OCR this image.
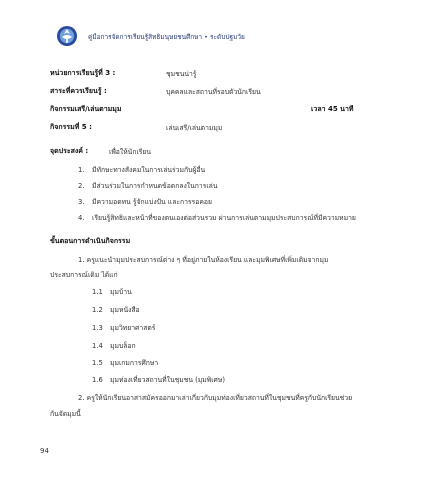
คู่มือการจัดการเรียนรู้สิทธิมนุษยชนศึกษา • ระดับปฐมวัย
หน่วยการเรียนรู้ที่ 3 :	ชุมชนน่ารู้
สาระที่ควรเรียนรู้ :	บุคคลและสถานที่รอบตัวนักเรียน
กิจกรรมเสรี/เล่นตามมุม	เวลา 45 นาที
กิจกรรมที่ 5 :	เล่นเสรี/เล่นตามมุม
จุดประสงค์ :	เพื่อให้นักเรียน
1. มีทักษะทางสังคมในการเล่นร่วมกับผู้อื่น
2. มีส่วนร่วมในการกำหนดข้อตกลงในการเล่น
3. มีความอดทน รู้จักแบ่งปัน และการรอคอย
4. เรียนรู้สิทธิและหน้าที่ของตนเองต่อส่วนรวม ผ่านการเล่นตามมุมประสบการณ์ที่มีความหมาย
ขั้นตอนการดำเนินกิจกรรม
1. ครูแนะนำมุมประสบการณ์ต่าง ๆ ที่อยู่ภายในห้องเรียน และมุมพิเศษที่เพิ่มเติมจากมุม
ประสบการณ์เดิม ได้แก่
1.1 มุมบ้าน
1.2 มุมหนังสือ
1.3 มุมวิทยาศาสตร์
1.4 มุมบล็อก
1.5 มุมเกมการศึกษา
1.6 มุมท่องเที่ยวสถานที่ในชุมชน (มุมพิเศษ)
2. ครูให้นักเรียนอาสาสมัครออกมาเล่าเกี่ยวกับมุมท่องเที่ยวสถานที่ในชุมชนที่ครูกับนักเรียนช่วย
กันจัดมุมนี้
94
